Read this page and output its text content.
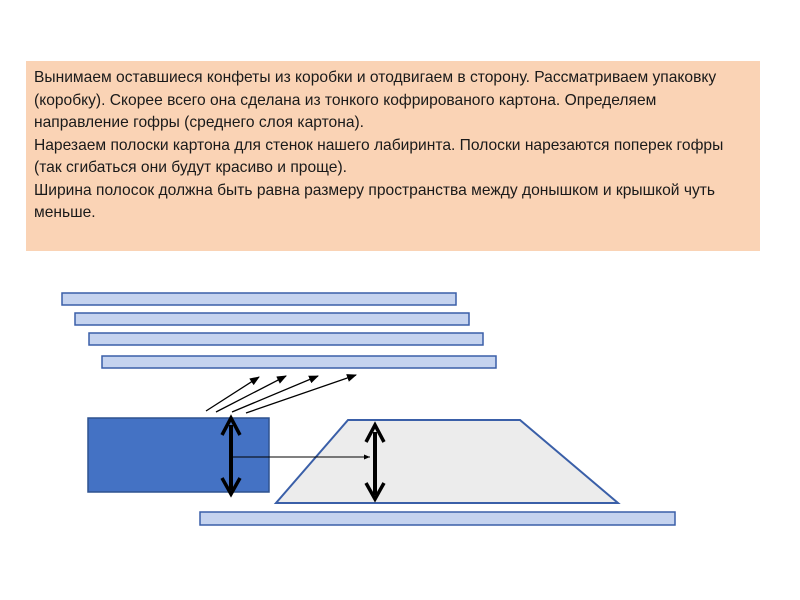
Вынимаем оставшиеся конфеты из коробки и отодвигаем в сторону. Рассматриваем упаковку (коробку). Скорее всего она сделана из тонкого кофрированого картона. Определяем направление гофры (среднего слоя картона).

Нарезаем полоски картона для стенок нашего лабиринта. Полоски нарезаются поперек гофры (так сгибаться они будут красиво и проще).

Ширина полосок должна быть равна размеру пространства между донышком и крышкой чуть меньше.
